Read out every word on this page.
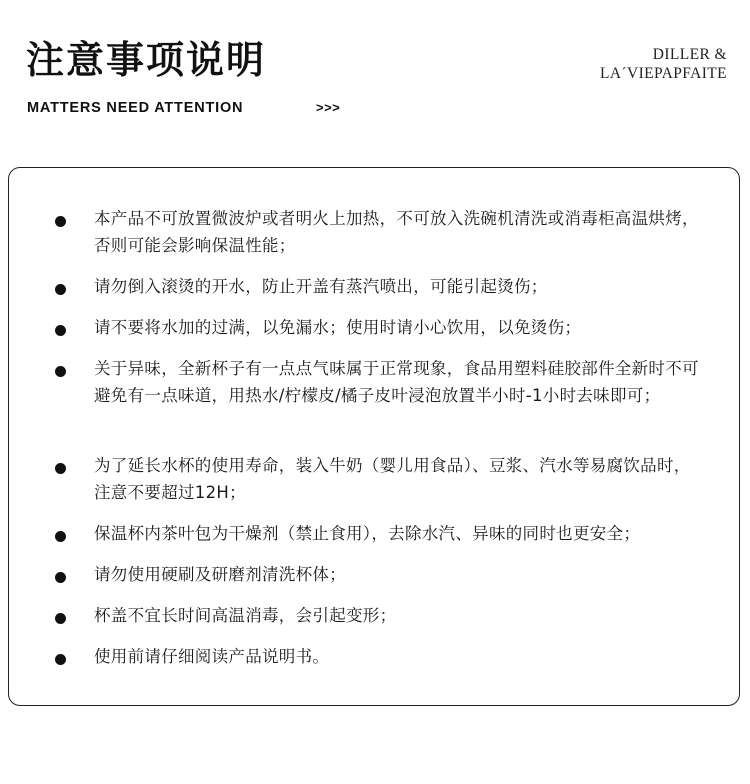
注意事项说明
MATTERS NEED ATTENTION	>>>
DILLER &
LA´VIEPAPFAITE
本产品不可放置微波炉或者明火上加热，不可放入洗碗机清洗或消毒柜高温烘烤，否则可能会影响保温性能；
请勿倒入滚烫的开水，防止开盖有蒸汽喷出，可能引起烫伤；
请不要将水加的过满，以免漏水；使用时请小心饮用，以免烫伤；
关于异味，全新杯子有一点点气味属于正常现象，食品用塑料硅胶部件全新时不可避免有一点味道，用热水/柠檬皮/橘子皮叶浸泡放置半小时-1小时去味即可；
为了延长水杯的使用寿命，装入牛奶（婴儿用食品）、豆浆、汽水等易腐饮品时，注意不要超过12H；
保温杯内茶叶包为干燥剂（禁止食用），去除水汽、异味的同时也更安全；
请勿使用硬刷及研磨剂清洗杯体；
杯盖不宜长时间高温消毒，会引起变形；
使用前请仔细阅读产品说明书。
